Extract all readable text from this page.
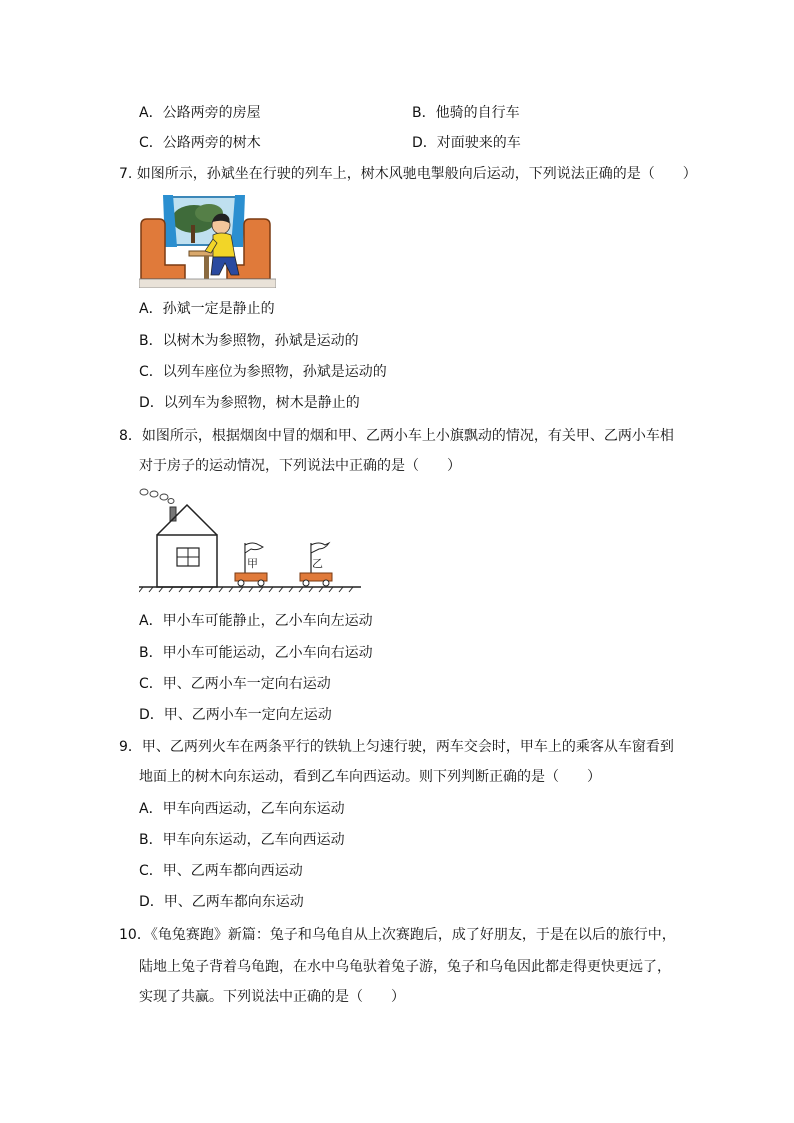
A．公路两旁的房屋	B．他骑的自行车
C．公路两旁的树木	D．对面驶来的车
7. 如图所示，孙斌坐在行驶的列车上，树木风驰电掣般向后运动，下列说法正确的是（　　）
A．孙斌一定是静止的
B．以树木为参照物，孙斌是运动的
C．以列车座位为参照物，孙斌是运动的
D．以列车为参照物，树木是静止的
8．如图所示，根据烟囱中冒的烟和甲、乙两小车上小旗飘动的情况，有关甲、乙两小车相
对于房子的运动情况，下列说法中正确的是（　　）
甲	乙
A．甲小车可能静止，乙小车向左运动
B．甲小车可能运动，乙小车向右运动
C．甲、乙两小车一定向右运动
D．甲、乙两小车一定向左运动
9．甲、乙两列火车在两条平行的铁轨上匀速行驶，两车交会时，甲车上的乘客从车窗看到
地面上的树木向东运动，看到乙车向西运动。则下列判断正确的是（　　）
A．甲车向西运动，乙车向东运动
B．甲车向东运动，乙车向西运动
C．甲、乙两车都向西运动
D．甲、乙两车都向东运动
10．《龟兔赛跑》新篇：兔子和乌龟自从上次赛跑后，成了好朋友，于是在以后的旅行中，
陆地上兔子背着乌龟跑，在水中乌龟驮着兔子游，兔子和乌龟因此都走得更快更远了，
实现了共赢。下列说法中正确的是（　　）
